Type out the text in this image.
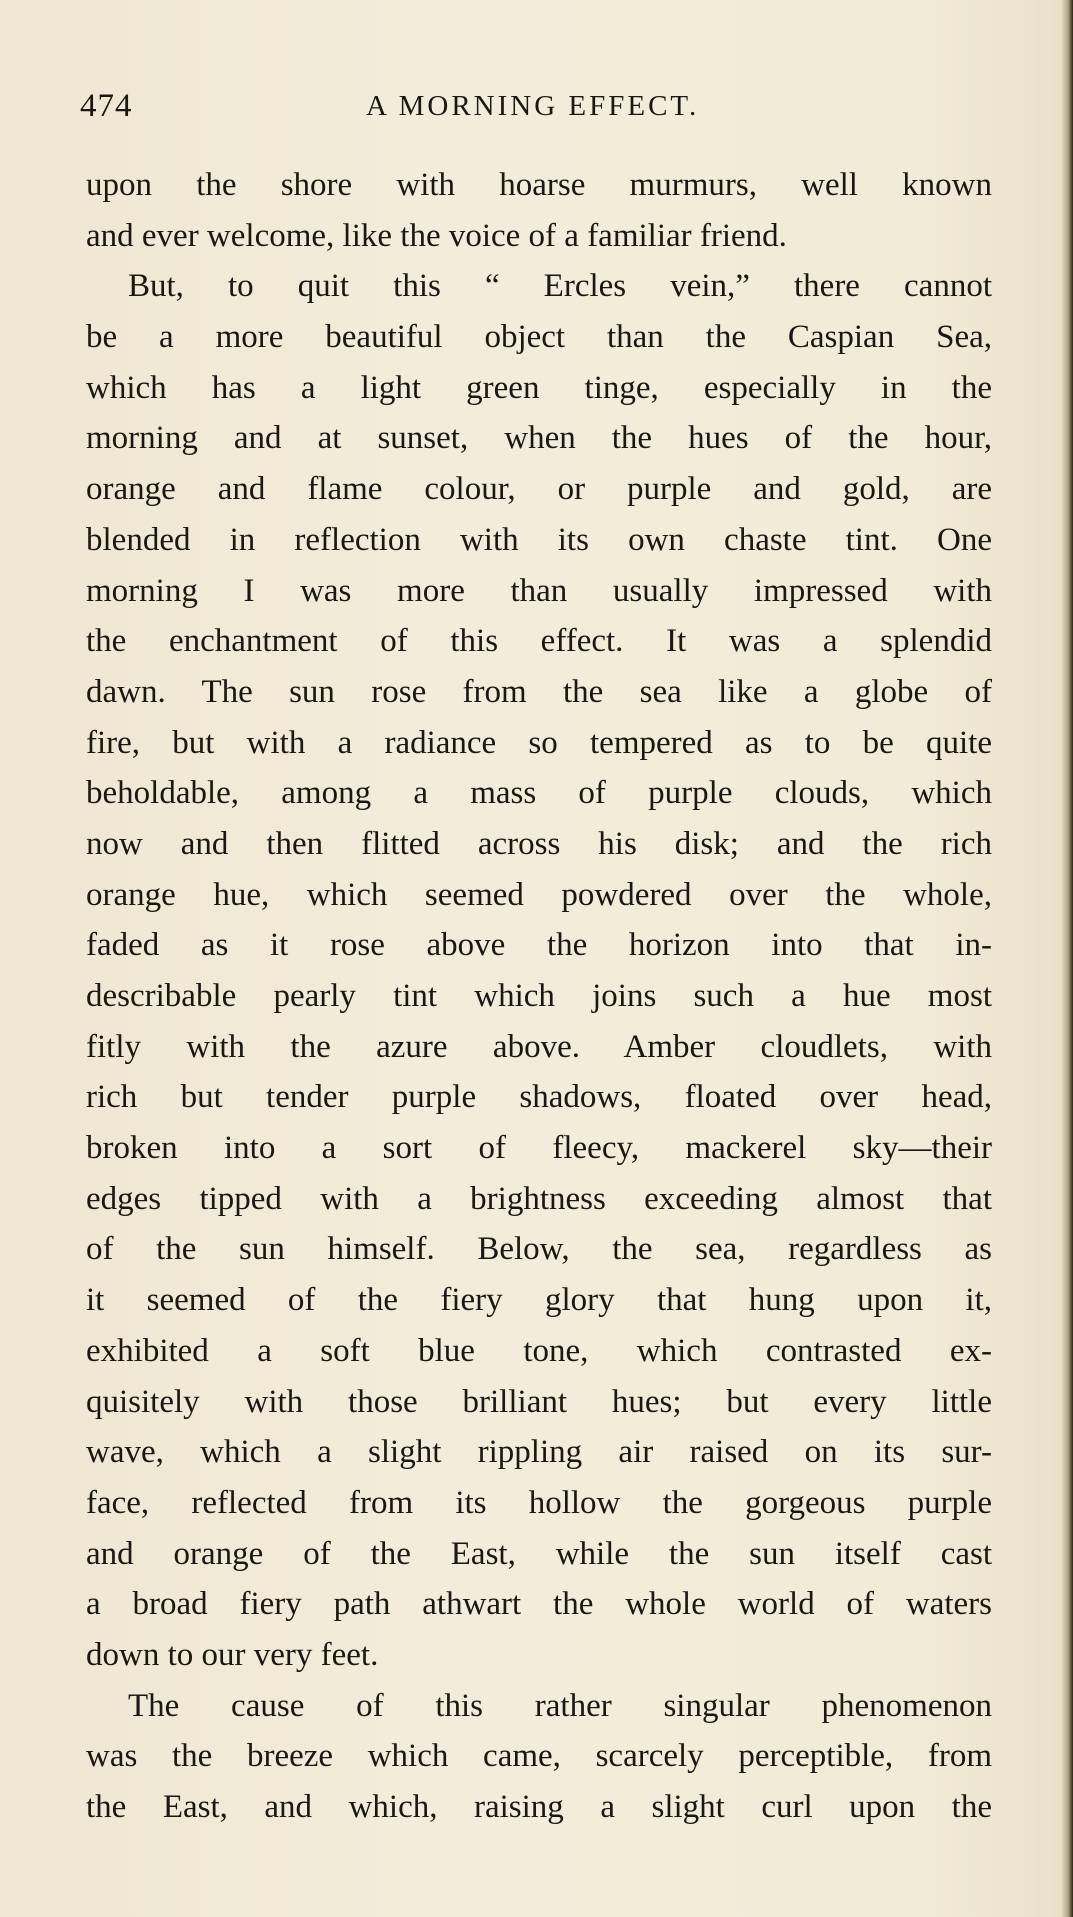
474	A MORNING EFFECT.
upon the shore with hoarse murmurs, well known
and ever welcome, like the voice of a familiar friend.
But, to quit this “ Ercles vein,” there cannot
be a more beautiful object than the Caspian Sea,
which has a light green tinge, especially in the
morning and at sunset, when the hues of the hour,
orange and flame colour, or purple and gold, are
blended in reflection with its own chaste tint. One
morning I was more than usually impressed with
the enchantment of this effect. It was a splendid
dawn. The sun rose from the sea like a globe of
fire, but with a radiance so tempered as to be quite
beholdable, among a mass of purple clouds, which
now and then flitted across his disk; and the rich
orange hue, which seemed powdered over the whole,
faded as it rose above the horizon into that in-
describable pearly tint which joins such a hue most
fitly with the azure above. Amber cloudlets, with
rich but tender purple shadows, floated over head,
broken into a sort of fleecy, mackerel sky—their
edges tipped with a brightness exceeding almost that
of the sun himself. Below, the sea, regardless as
it seemed of the fiery glory that hung upon it,
exhibited a soft blue tone, which contrasted ex-
quisitely with those brilliant hues; but every little
wave, which a slight rippling air raised on its sur-
face, reflected from its hollow the gorgeous purple
and orange of the East, while the sun itself cast
a broad fiery path athwart the whole world of waters
down to our very feet.
The cause of this rather singular phenomenon
was the breeze which came, scarcely perceptible, from
the East, and which, raising a slight curl upon the
